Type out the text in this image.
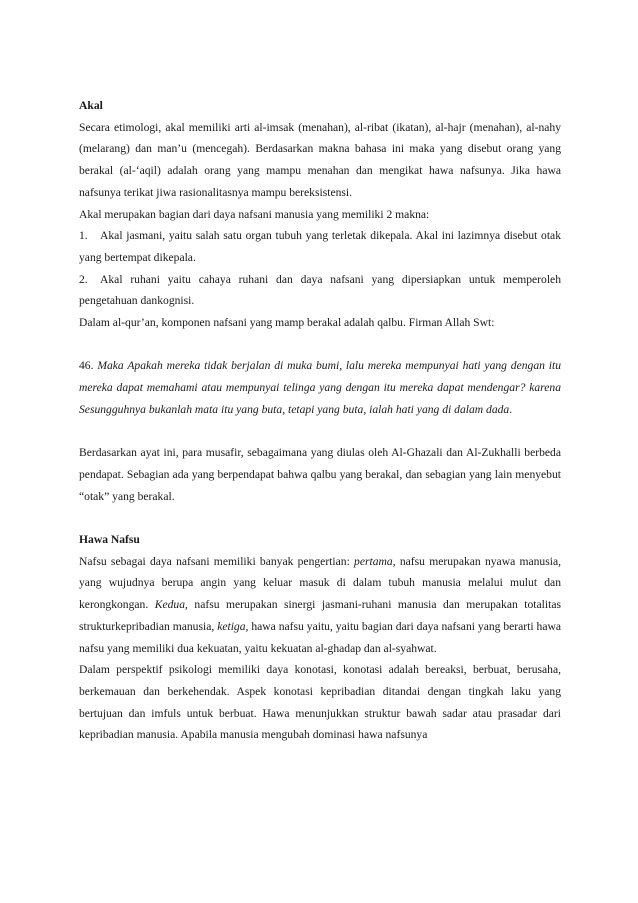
Akal

Secara etimologi, akal memiliki arti al-imsak (menahan), al-ribat (ikatan), al-hajr (menahan), al-nahy (melarang) dan man’u (mencegah). Berdasarkan makna bahasa ini maka yang disebut orang yang berakal (al-‘aqil) adalah orang yang mampu menahan dan mengikat hawa nafsunya. Jika hawa nafsunya terikat jiwa rasionalitasnya mampu bereksistensi.

Akal merupakan bagian dari daya nafsani manusia yang memiliki 2 makna:

1. Akal jasmani, yaitu salah satu organ tubuh yang terletak dikepala. Akal ini lazimnya disebut otak yang bertempat dikepala.

2. Akal ruhani yaitu cahaya ruhani dan daya nafsani yang dipersiapkan untuk memperoleh pengetahuan dankognisi.

Dalam al-qur’an, komponen nafsani yang mamp berakal adalah qalbu. Firman Allah Swt:

46. Maka Apakah mereka tidak berjalan di muka bumi, lalu mereka mempunyai hati yang dengan itu mereka dapat memahami atau mempunyai telinga yang dengan itu mereka dapat mendengar? karena Sesungguhnya bukanlah mata itu yang buta, tetapi yang buta, ialah hati yang di dalam dada.

Berdasarkan ayat ini, para musafir, sebagaimana yang diulas oleh Al-Ghazali dan Al-Zukhalli berbeda pendapat. Sebagian ada yang berpendapat bahwa qalbu yang berakal, dan sebagian yang lain menyebut “otak” yang berakal.

Hawa Nafsu

Nafsu sebagai daya nafsani memiliki banyak pengertian: pertama, nafsu merupakan nyawa manusia, yang wujudnya berupa angin yang keluar masuk di dalam tubuh manusia melalui mulut dan kerongkongan. Kedua, nafsu merupakan sinergi jasmani-ruhani manusia dan merupakan totalitas strukturkepribadian manusia, ketiga, hawa nafsu yaitu, yaitu bagian dari daya nafsani yang berarti hawa nafsu yang memiliki dua kekuatan, yaitu kekuatan al-ghadap dan al-syahwat.

Dalam perspektif psikologi memiliki daya konotasi, konotasi adalah bereaksi, berbuat, berusaha, berkemauan dan berkehendak. Aspek konotasi kepribadian ditandai dengan tingkah laku yang bertujuan dan imfuls untuk berbuat. Hawa menunjukkan struktur bawah sadar atau prasadar dari kepribadian manusia. Apabila manusia mengubah dominasi hawa nafsunya
